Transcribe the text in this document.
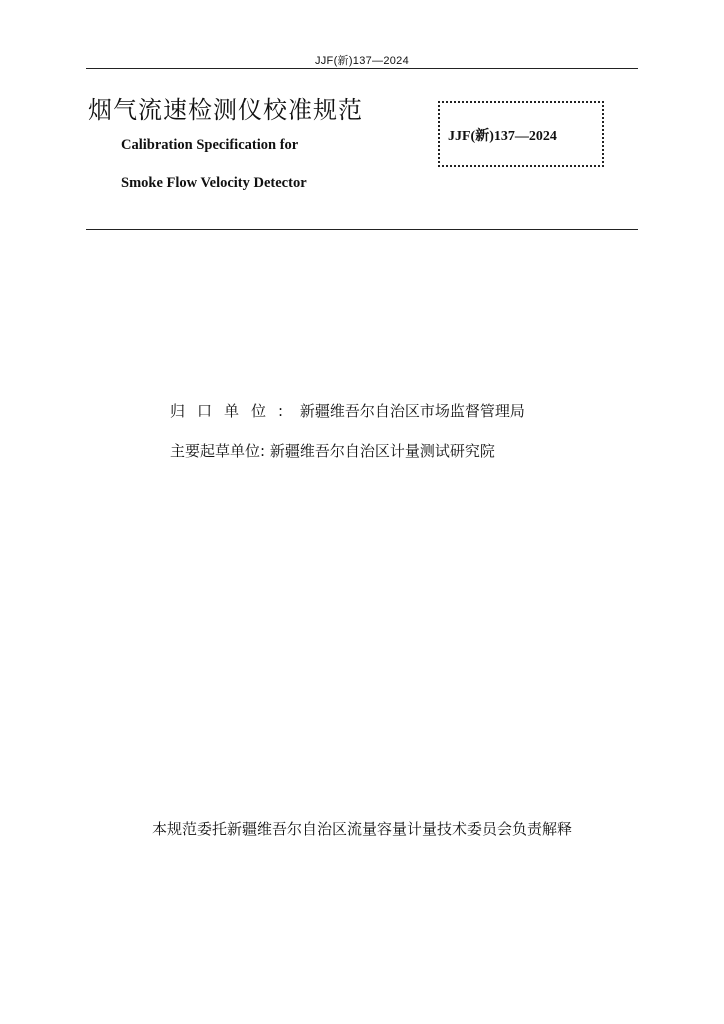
JJF(新)137—2024
烟气流速检测仪校准规范
Calibration Specification for
Smoke Flow Velocity Detector
JJF(新)137—2024
归口单位: 新疆维吾尔自治区市场监督管理局
主要起草单位: 新疆维吾尔自治区计量测试研究院
本规范委托新疆维吾尔自治区流量容量计量技术委员会负责解释
